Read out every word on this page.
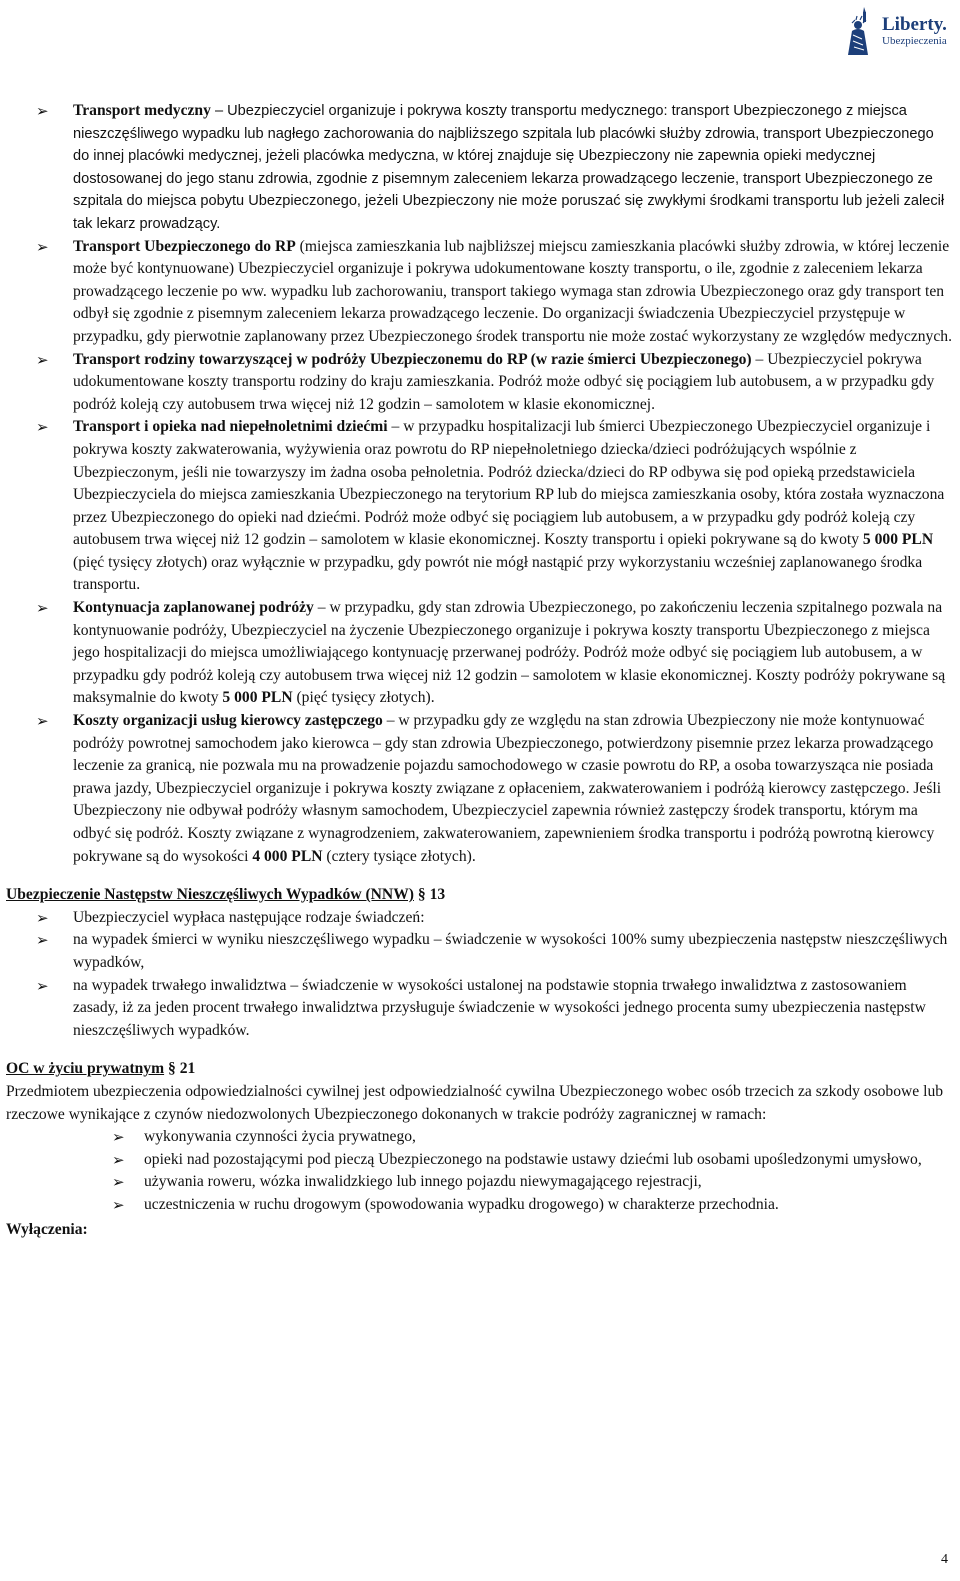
Liberty.
Ubezpieczenia
➢ Transport medyczny – Ubezpieczyciel organizuje i pokrywa koszty transportu medycznego: transport Ubezpieczonego z miejsca nieszczęśliwego wypadku lub nagłego zachorowania do najbliższego szpitala lub placówki służby zdrowia, transport Ubezpieczonego do innej placówki medycznej, jeżeli placówka medyczna, w której znajduje się Ubezpieczony nie zapewnia opieki medycznej dostosowanej do jego stanu zdrowia, zgodnie z pisemnym zaleceniem lekarza prowadzącego leczenie, transport Ubezpieczonego ze szpitala do miejsca pobytu Ubezpieczonego, jeżeli Ubezpieczony nie może poruszać się zwykłymi środkami transportu lub jeżeli zalecił tak lekarz prowadzący.
➢ Transport Ubezpieczonego do RP (miejsca zamieszkania lub najbliższej miejscu zamieszkania placówki służby zdrowia, w której leczenie może być kontynuowane) Ubezpieczyciel organizuje i pokrywa udokumentowane koszty transportu, o ile, zgodnie z zaleceniem lekarza prowadzącego leczenie po ww. wypadku lub zachorowaniu, transport takiego wymaga stan zdrowia Ubezpieczonego oraz gdy transport ten odbył się zgodnie z pisemnym zaleceniem lekarza prowadzącego leczenie. Do organizacji świadczenia Ubezpieczyciel przystępuje w przypadku, gdy pierwotnie zaplanowany przez Ubezpieczonego środek transportu nie może zostać wykorzystany ze względów medycznych.
➢ Transport rodziny towarzyszącej w podróży Ubezpieczonemu do RP (w razie śmierci Ubezpieczonego) – Ubezpieczyciel pokrywa udokumentowane koszty transportu rodziny do kraju zamieszkania. Podróż może odbyć się pociągiem lub autobusem, a w przypadku gdy podróż koleją czy autobusem trwa więcej niż 12 godzin – samolotem w klasie ekonomicznej.
➢ Transport i opieka nad niepełnoletnimi dziećmi – w przypadku hospitalizacji lub śmierci Ubezpieczonego Ubezpieczyciel organizuje i pokrywa koszty zakwaterowania, wyżywienia oraz powrotu do RP niepełnoletniego dziecka/dzieci podróżujących wspólnie z Ubezpieczonym, jeśli nie towarzyszy im żadna osoba pełnoletnia. Podróż dziecka/dzieci do RP odbywa się pod opieką przedstawiciela Ubezpieczyciela do miejsca zamieszkania Ubezpieczonego na terytorium RP lub do miejsca zamieszkania osoby, która została wyznaczona przez Ubezpieczonego do opieki nad dziećmi. Podróż może odbyć się pociągiem lub autobusem, a w przypadku gdy podróż koleją czy autobusem trwa więcej niż 12 godzin – samolotem w klasie ekonomicznej. Koszty transportu i opieki pokrywane są do kwoty 5 000 PLN (pięć tysięcy złotych) oraz wyłącznie w przypadku, gdy powrót nie mógł nastąpić przy wykorzystaniu wcześniej zaplanowanego środka transportu.
➢ Kontynuacja zaplanowanej podróży – w przypadku, gdy stan zdrowia Ubezpieczonego, po zakończeniu leczenia szpitalnego pozwala na kontynuowanie podróży, Ubezpieczyciel na życzenie Ubezpieczonego organizuje i pokrywa koszty transportu Ubezpieczonego z miejsca jego hospitalizacji do miejsca umożliwiającego kontynuację przerwanej podróży. Podróż może odbyć się pociągiem lub autobusem, a w przypadku gdy podróż koleją czy autobusem trwa więcej niż 12 godzin – samolotem w klasie ekonomicznej. Koszty podróży pokrywane są maksymalnie do kwoty 5 000 PLN (pięć tysięcy złotych).
➢ Koszty organizacji usług kierowcy zastępczego – w przypadku gdy ze względu na stan zdrowia Ubezpieczony nie może kontynuować podróży powrotnej samochodem jako kierowca – gdy stan zdrowia Ubezpieczonego, potwierdzony pisemnie przez lekarza prowadzącego leczenie za granicą, nie pozwala mu na prowadzenie pojazdu samochodowego w czasie powrotu do RP, a osoba towarzysząca nie posiada prawa jazdy, Ubezpieczyciel organizuje i pokrywa koszty związane z opłaceniem, zakwaterowaniem i podróżą kierowcy zastępczego. Jeśli Ubezpieczony nie odbywał podróży własnym samochodem, Ubezpieczyciel zapewnia również zastępczy środek transportu, którym ma odbyć się podróż. Koszty związane z wynagrodzeniem, zakwaterowaniem, zapewnieniem środka transportu i podróżą powrotną kierowcy pokrywane są do wysokości 4 000 PLN (cztery tysiące złotych).
Ubezpieczenie Następstw Nieszczęśliwych Wypadków (NNW) § 13
➢ Ubezpieczyciel wypłaca następujące rodzaje świadczeń:
➢ na wypadek śmierci w wyniku nieszczęśliwego wypadku – świadczenie w wysokości 100% sumy ubezpieczenia następstw nieszczęśliwych wypadków,
➢ na wypadek trwałego inwalidztwa – świadczenie w wysokości ustalonej na podstawie stopnia trwałego inwalidztwa z zastosowaniem zasady, iż za jeden procent trwałego inwalidztwa przysługuje świadczenie w wysokości jednego procenta sumy ubezpieczenia następstw nieszczęśliwych wypadków.
OC w życiu prywatnym § 21

Przedmiotem ubezpieczenia odpowiedzialności cywilnej jest odpowiedzialność cywilna Ubezpieczonego wobec osób trzecich za szkody osobowe lub rzeczowe wynikające z czynów niedozwolonych Ubezpieczonego dokonanych w trakcie podróży zagranicznej w ramach:

➢ wykonywania czynności życia prywatnego,
➢ opieki nad pozostającymi pod pieczą Ubezpieczonego na podstawie ustawy dziećmi lub osobami upośledzonymi umysłowo,
➢ używania roweru, wózka inwalidzkiego lub innego pojazdu niewymagającego rejestracji,
➢ uczestniczenia w ruchu drogowym (spowodowania wypadku drogowego) w charakterze przechodnia.
Wyłączenia:
4
